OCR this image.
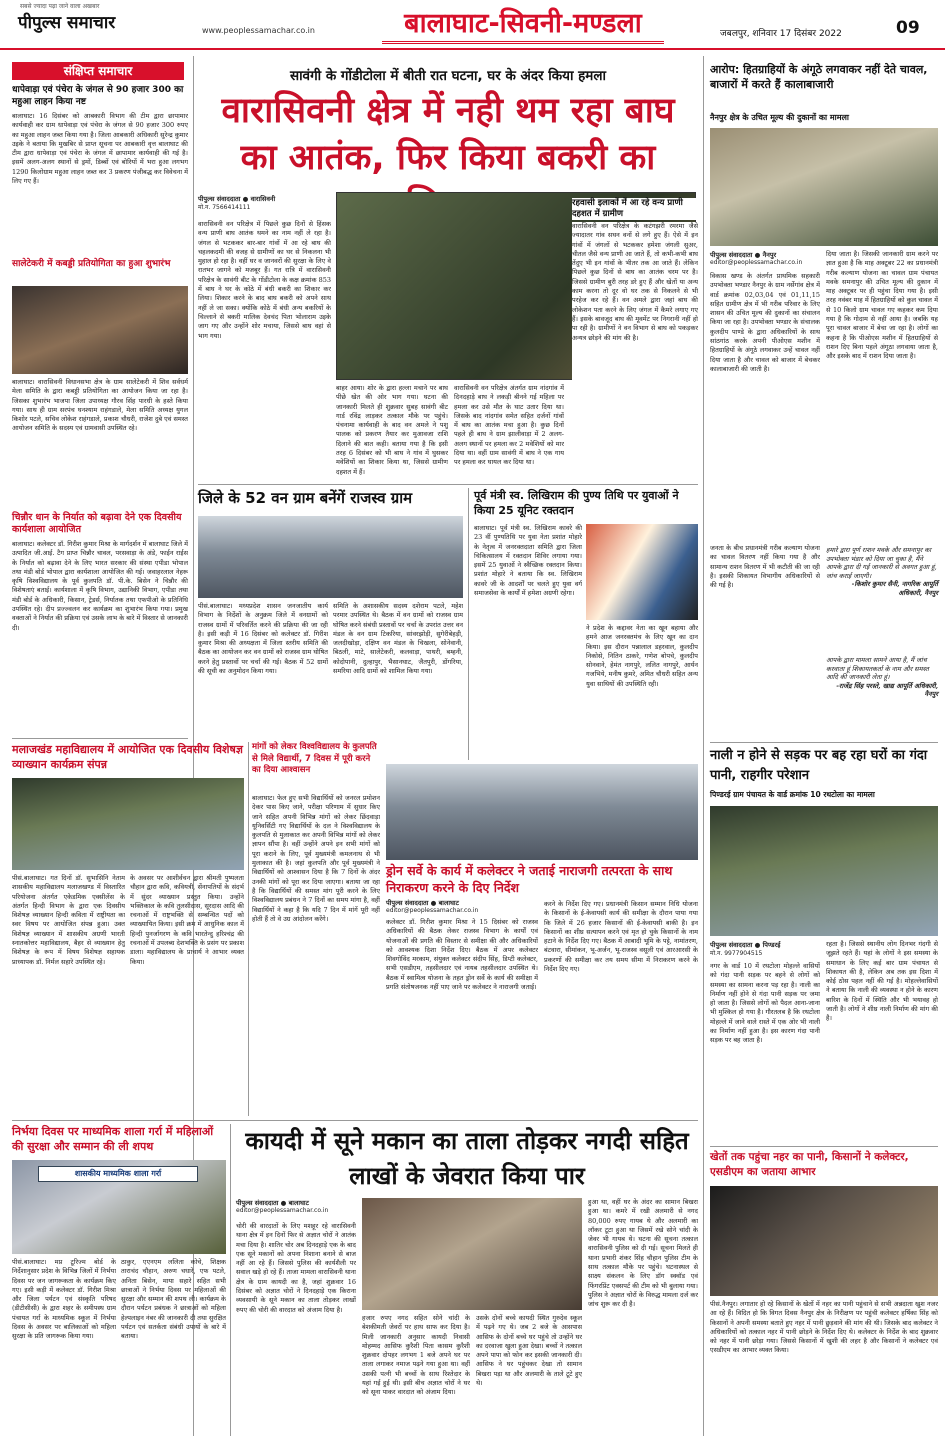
सबसे ज्यादा पढ़ा जाने वाला अखबार
पीपुल्स समाचार	www.peoplessamachar.co.in	बालाघाट-सिवनी-मण्डला	जबलपुर, शनिवार 17 दिसंबर 2022	09
संक्षिप्त समाचार
धापेवाड़ा एवं पंचेरा के जंगल से 90 हजार 300 का महुआ लाहन किया नष्ट
बालाघाट। 16 दिसंबर को आबकारी विभाग की टीम द्वारा छापामार कार्यवाही कर ग्राम धापेवाड़ा एवं पंचेरा के जंगल से 90 हजार 300 रुपए का महुआ लाहन जब्त किया गया है। जिला आबकारी अधिकारी सुरेन्द्र कुमार उइके ने बताया कि मुखबिर से प्राप्त सूचना पर आबकारी वृत्त बालाघाट की टीम द्वारा धापेवाड़ा एवं पंचेरा के जंगल में छापामार कार्यवाही की गई है। इसमें अलग-अलग स्थानों से ड्रमों, डिब्बों एवं बोरियों में भरा हुआ लगभग 1290 किलोग्राम महुआ लाहन जब्त कर 3 प्रकरण पंजीबद्ध कर विवेचना में लिए गए हैं।
सालेटेकरी में कबड्डी प्रतियोगिता का हुआ शुभारंभ
बालाघाट। वारासिवनी विधानसभा क्षेत्र के ग्राम सालेटेकरी में शिव सर्वधर्म मेला समिति के द्वारा कबड्डी प्रतियोगिता का आयोजन किया जा रहा है। जिसका शुभारंभ भाजपा जिला उपाध्यक्ष गौरव सिंह पारधी के हस्ते किया गया। साथ ही ग्राम सरपंच घनश्याम राहंगडाले, मेला समिति अध्यक्ष युगल किशोर पटले, सचिव लोकेश राहंगडाले, प्रकाश चौधरी, राजेश दुबे एवं समस्त आयोजन समिति के सदस्य एवं ग्रामवासी उपस्थित रहे।
चिन्नौर धान के निर्यात को बढ़ावा देने एक दिवसीय कार्यशाला आयोजित
बालाघाट। कलेक्टर डॉ. गिरीश कुमार मिश्रा के मार्गदर्शन में बालाघाट जिले में उत्पादित जी.आई. टैग प्राप्त चिन्नौर चावल, परसवाड़ा के अंडे, फाईन राईस के निर्यात को बढ़ावा देने के लिए भारत सरकार की संस्था एपीडा भोपाल तथा मंडी बोर्ड भोपाल द्वारा कार्यशाला आयोजित की गई। जवाहरलाल नेहरू कृषि विश्वविद्यालय के पूर्व कुलपति डॉ. पी.के. बिसेन ने चिन्नौर की विशेषताएं बताई। कार्यशाला में कृषि विभाग, उद्यानिकी विभाग, एपीडा तथा मंडी बोर्ड के अधिकारी, किसान, ट्रेडर्स, निर्यातक तथा एफपीओ के प्रतिनिधि उपस्थित रहे। दीप प्रज्ज्वलन कर कार्यक्रम का शुभारंभ किया गया। प्रमुख वक्ताओं ने निर्यात की प्रक्रिया एवं उसके लाभ के बारे में विस्तार से जानकारी दी।
सावंगी के गोंडीटोला में बीती रात घटना, घर के अंदर किया हमला
वारासिवनी क्षेत्र में नही थम रहा बाघ का आतंक, फिर किया बकरी का
पीपुल्स संवाददाता ● वारासिवनी
मो.न. 7566414111
वारासिवनी वन परिक्षेत्र में पिछले कुछ दिनों से हिंसक वन्य प्राणी बाघ आतंक थमने का नाम नहीं ले रहा है। जंगल से भटककर बार-बार गांवों में आ रहे बाघ की चहलकदमी की वजह से ग्रामीणों का घर से निकलना भी मुहाल हो रहा है। वहीं घर व जानवरों की सुरक्षा के लिए वे रातभर जागने को मजबूर हैं। गत रात्रि में वारासिवनी परिक्षेत्र के सावंगी बीट के गोंडीटोला के कक्ष क्रमांक 853 में बाघ ने घर के कोठे में बंधी बकरी का शिकार कर लिया। शिकार करने के बाद बाघ बकरी को अपने साथ नहीं ले जा सका। क्योंकि कोठे में बंधी अन्य बकरियों के चिल्लाने से बकरी मालिक देवचंद पिता भोलाराम उइके जाग गए और उन्होंने शोर मचाया, जिससे बाघ वहां से भाग गया।
बाहर आया। शोर के द्वारा हल्ला मचाने पर बाघ पीछे खेत की ओर भाग गया। घटना की जानकारी मिलते ही शुक्रवार सुबह सावंगी बीट गार्ड रविंद्र लाड़कर तत्काल मौके पर पहुंचे। पंचनामा कार्यवाही के बाद वन अमले ने पशु पालक को प्रकरण तैयार कर मुआवजा राशि दिलाने की बात कही। बताया गया है कि इसी तरह 6 दिसंबर को भी बाघ ने गांव में घुसकर मवेशियों का शिकार किया था, जिससे ग्रामीण दहशत में हैं।
वारासिवनी वन परिक्षेत्र अंतर्गत ग्राम नांदगांव में दिनदहाड़े बाघ ने लकड़ी बीनने गई महिला पर हमला कर उसे मौत के घाट उतार दिया था। जिसके बाद नांदगांव समेत सहित दर्जनों गांवों में बाघ का आतंक मचा हुआ है। कुछ दिनों पहले ही बाघ ने ग्राम झालीवाड़ा में 2 अलग-अलग स्थानों पर हमला कर 2 मवेशियों को मार दिया था। वहीं ग्राम सावंगी में बाघ ने एक गाय पर हमला कर घायल कर दिया था।
रहवासी इलाकों में आ रहे वन्य प्राणी दहशत में ग्रामीण
वारासिवनी वन परिक्षेत्र के कटंगझरी रमरमा जैसे ज्यादातर गांव सघन वनों से लगे हुए हैं। ऐसे में इन गांवों में जंगलों से भटककर हमेशा जंगली सुअर, चीतल जैसे वन्य प्राणी आ जाते हैं, तो कभी-कभी बाघ तेंदुए भी इन गांवों के भीतर तक आ जाते हैं। लेकिन पिछले कुछ दिनों से बाघ का आतंक चरम पर है। जिससे ग्रामीण बुरी तरह डरे हुए हैं और खेतों या अन्य काम करना तो दूर वो घर तक से निकलने से भी परहेज कर रहे हैं। वन अमले द्वारा जहां बाघ की लोकेशन पता करने के लिए जंगल में कैमरे लगाए गए हैं। इसके बावजूद बाघ की मूवमेंट पर निगरानी नहीं हो पा रही है। ग्रामीणों ने वन विभाग से बाघ को पकड़कर अन्यत्र छोड़ने की मांग की है।
जिले के 52 वन ग्राम बनेंगें राजस्व ग्राम
पीसं.बालाघाट। मध्यप्रदेश शासन जनजातीय कार्य विभाग के निर्देशों के अनुक्रम जिले में वनग्रामों को राजस्व ग्रामों में परिवर्तित करने की प्रक्रिया की जा रही है। इसी कड़ी में 16 दिसंबर को कलेक्टर डॉ. गिरीश कुमार मिश्रा की अध्यक्षता में जिला स्तरीय समिति की बैठक का आयोजन कर वन ग्रामों को राजस्व ग्राम घोषित करने हेतु प्रस्तावों पर चर्चा की गई। बैठक में 52 ग्रामों की सूची का अनुमोदन किया गया।
समिति के अशासकीय सदस्य दशेराम पटले, महेश परमार उपस्थित थे। बैठक में वन ग्रामों को राजस्व ग्राम घोषित करने संबंधी प्रस्तावों पर चर्चा के उपरांत उत्तर वन मंडल के वन ग्राम टिकरिया, सांवरझोड़ी, सुगेरीबेहड़ी, जलदीखोड़ा, दक्षिण वन मंडल के चिखला, सोनेवानी, बिठली, माटे, सालेटेकरी, कलवाड़ा, पाथरी, बम्हनी, कोदोपानी, दुल्हापुर, भैसानघाट, जैतपुरी, डोंगरिया, समरिया आदि ग्रामों को शामिल किया गया।
पूर्व मंत्री स्व. लिखिराम की पुण्य तिथि पर युवाओं ने किया 25 यूनिट रक्तदान
बालाघाट। पूर्व मंत्री स्व. लिखिराम कावरे की 23 वीं पुण्यतिथि पर युवा नेता प्रशांत मोहारे के नेतृत्व में जनरक्तदाता समिति द्वारा जिला चिकित्सालय में रक्तदान शिविर लगाया गया। इसमें 25 युवाओं ने स्वैच्छिक रक्तदान किया। प्रशांत मोहारे ने बताया कि स्व. लिखिराम कावरे जी के आदर्शों पर चलते हुए युवा वर्ग समाजसेवा के कार्यों में हमेशा अग्रणी रहेगा।
ने प्रदेश के कद्दावर नेता का खून बहाया और हमने आज जनरक्तमंच के लिए खून का दान किया। इस दौरान पन्नालाल डहरवाल, कुलदीप निकोसे, नितिन ठाकरे, गणेश बोपचे, कुलदीप सोनवाने, हेमंत नागपुरे, ललित नागपुरे, आर्यन गजभिये, मनीष कुमरे, अमित चौधरी सहित अन्य युवा साथियों की उपस्थिति रही।
मलाजखंड महाविद्यालय में आयोजित एक दिवसीय विशेषज्ञ व्याख्यान कार्यक्रम संपन्न
पीसं.बालाघाट। गत दिनों डॉ. सुभासिनि नेताम शासकीय महाविद्यालय मलाजखण्ड में विस्तारित परियोजना अंतर्गत एकेडमिक एक्सीलेंस के अंतर्गत हिन्दी विभाग के द्वारा एक दिवसीय विशेषज्ञ व्याख्यान हिन्दी कविता में राष्ट्रीयता का स्वर विषय पर आयोजित संपन्न हुआ। उक्त विशेषज्ञ व्याख्यान में शासकीय अग्रणी भारती स्नातकोत्तर महाविद्यालय, बैहर से व्याख्यान हेतु विशेषज्ञ के रूप में विषय विशेषज्ञ सहायक प्राध्यापक डॉ. निर्मल सहारे उपस्थित रहे।
के अवसर पर आशीर्वचन द्वारा श्रीमती पुष्पलता चौहान द्वारा कवि, कवियत्री, सेंनापतियों के संदर्भ में सुंदर व्याख्यान प्रस्तुत किया। उन्होंने भक्तिकाल के कवि तुलसीदास, सूरदास आदि की रचनाओं में राष्ट्रभक्ति से सम्बन्धित पदों को व्याख्यायित किया। इसी क्रम में आधुनिक काल में हिन्दी पुनर्जागरण के कवि भारतेन्दु हरिश्चंद्र की रचनाओं में उपलब्ध देशभक्ति के प्रसंग पर प्रकाश डाला। महाविद्यालय के प्राचार्य ने आभार व्यक्त किया।
मांगों को लेकर विश्वविद्यालय के कुलपति से मिले विद्यार्थी, 7 दिवस में पूरी करने का दिया आश्वासन
बालाघाट। फेल हुए सभी विद्यार्थियों को जनरल प्रमोशन देकर पास किए जाने, परीक्षा परिणाम में सुधार किए जाने सहित अपनी विभिन्न मांगों को लेकर छिंदवाड़ा यूनिवर्सिटी गए विद्यार्थियों के दल ने विश्वविद्यालय के कुलपति से मुलाकात कर अपनी विभिन्न मांगों को लेकर ज्ञापन सौंपा है। वहीं उन्होंने अपने इन सभी मांगों को पूरा कराने के लिए, पूर्व मुख्यमंत्री कमलनाथ से भी मुलाकात की है। जहां कुलपति और पूर्व मुख्यमंत्री ने विद्यार्थियों को आश्वासन दिया है कि 7 दिनों के अंदर उनकी मांगों को पूरा कर दिया जाएगा। बताया जा रहा है कि विद्यार्थियों की समस्त मांग पूरी करने के लिए विश्वविद्यालय प्रबंधन ने 7 दिनों का समय मांगा है, वहीं विद्यार्थियों ने कहा है कि यदि 7 दिन में मांगें पूरी नहीं होती हैं तो वे उग्र आंदोलन करेंगे।
ड्रोन सर्वे के कार्य में कलेक्टर ने जताई नाराजगी तत्परता के साथ निराकरण करने के दिए निर्देश
पीपुल्स संवाददाता ● बालाघाट
editor@peoplessamachar.co.in
कलेक्टर डॉ. गिरीश कुमार मिश्रा ने 15 दिसंबर को राजस्व अधिकारियों की बैठक लेकर राजस्व विभाग के कार्यों एवं योजनाओं की प्रगति की विस्तार से समीक्षा की और अधिकारियों को आवश्यक दिशा निर्देश दिए। बैठक में अपर कलेक्टर शिवगोविंद मरकाम, संयुक्त कलेक्टर संदीप सिंह, डिप्टी कलेक्टर, सभी एसडीएम, तहसीलदार एवं नायब तहसीलदार उपस्थित थे। बैठक में स्वामित्व योजना के तहत ड्रोन सर्वे के कार्य की समीक्षा में प्रगति संतोषजनक नहीं पाए जाने पर कलेक्टर ने नाराजगी जताई।
करने के निर्देश दिए गए। प्रधानमंत्री किसान सम्मान निधि योजना के किसानों के ई-केवायसी कार्य की समीक्षा के दौरान पाया गया कि जिले में 26 हजार किसानों की ई-केवायसी बाकी है। इन किसानों का शीघ्र सत्यापन करने एवं मृत हो चुके किसानों के नाम हटाने के निर्देश दिए गए। बैठक में आबादी भूमि के पट्टे, नामांतरण, बंटवारा, सीमांकन, भू-अर्जन, भू-राजस्व वसूली एवं आरआरसी के प्रकरणों की समीक्षा कर तय समय सीमा में निराकरण करने के निर्देश दिए गए।
कायदी में सूने मकान का ताला तोड़कर नगदी सहित लाखों के जेवरात किया पार
पीपुल्स संवाददाता ● बालाघाट
editor@peoplessamachar.co.in
चोरी की वारदातों के लिए मशहूर रहे वारासिवनी थाना क्षेत्र में इन दिनों फिर से अज्ञात चोरों ने आतंक मचा दिया है। शातिर चोर अब दिनदहाड़े एक के बाद एक सूने मकानों को अपना निशाना बनाने से बाज नहीं आ रहे हैं। जिससे पुलिस की कार्यशैली पर सवाल खड़े हो रहे हैं। ताजा मामला वारासिवनी थाना क्षेत्र के ग्राम कायदी का है, जहां शुक्रवार 16 दिसंबर को अज्ञात चोरों ने दिनदहाड़े एक किराना व्यवसायी के सूने मकान का ताला तोड़कर लाखों रुपए की चोरी की वारदात को अंजाम दिया है।
हजार रुपए नगद सहित सोने चांदी के बेशकीमती जेवरों पर हाथ साफ कर दिया है। मिली जानकारी अनुसार कायदी निवासी मोहम्मद आसिफ कुरैशी पिता कासम कुरैशी शुक्रवार दोपहर लगभग 1 बजे अपने घर पर ताला लगाकर नमाज पढ़ने गया हुआ था। वहीं उसकी पत्नी भी बच्चों के साथ रिश्तेदार के यहां गई हुई थी। इसी बीच अज्ञात चोरों ने घर को सूना पाकर वारदात को अंजाम दिया।
उसके दोनों बच्चे कायदी स्थित गुरुदेव स्कूल में पढ़ने गए थे। जब 2 बजे के आसपास आसिफ के दोनों बच्चे घर पहुंचे तो उन्होंने घर का दरवाजा खुला हुआ देखा। बच्चों ने तत्काल अपने पापा को फोन कर इसकी जानकारी दी। आसिफ ने घर पहुंचकर देखा तो सामान बिखरा पड़ा था और अलमारी के ताले टूटे हुए थे।
हुआ था, वहीं घर के अंदर का सामान बिखरा हुआ था। कमरे में रखी अलमारी से नगद 80,000 रुपए गायब थे और अलमारी का लॉकर टूटा हुआ था जिसमें रखे सोने चांदी के जेवर भी गायब थे। घटना की सूचना तत्काल वारासिवनी पुलिस को दी गई। सूचना मिलते ही थाना प्रभारी शंकर सिंह चौहान पुलिस टीम के साथ तत्काल मौके पर पहुंचे। घटनास्थल से साक्ष्य संकलन के लिए डॉग स्क्वॉड एवं फिंगरप्रिंट एक्सपर्ट की टीम को भी बुलाया गया। पुलिस ने अज्ञात चोरों के विरुद्ध मामला दर्ज कर जांच शुरू कर दी है।
निर्भया दिवस पर माध्यमिक शाला गर्रा में महिलाओं की सुरक्षा और सम्मान की ली शपथ
शासकीय माध्यमिक शाला गर्रा
पीसं.बालाघाट। मप्र टूरिज्म बोर्ड के निर्देशानुसार प्रदेश के विभिन्न जिलों में निर्भया दिवस पर जन जागरूकता के कार्यक्रम किए गए। इसी कड़ी में कलेक्टर डॉ. गिरीश मिश्रा और जिला पर्यटन एवं संस्कृति परिषद (डीटीसीसी) के द्वारा शहर के समीपस्थ ग्राम पंचायत गर्रा के माध्यमिक स्कूल में निर्भया दिवस के अवसर पर बालिकाओं को महिला सुरक्षा के प्रति जागरूक किया गया।
ठाकुर, एएनएम ललिता कोचे, शिक्षक ताराचंद चौहान, अरुण चधारे, एफ पटले, अनिता बिसेन, माया सहारे सहित सभी छात्राओं ने निर्भया दिवस पर महिलाओं की सुरक्षा और सम्मान की शपथ ली। कार्यक्रम के दौरान पर्यटन प्रबंधक ने छात्राओं को महिला हेल्पलाइन नंबर की जानकारी दी तथा सुरक्षित पर्यटन एवं सतर्कता संबंधी उपायों के बारे में बताया।
आरोप: हितग्राहियों के अंगूठे लगवाकर नहीं देते चावल, बाजारों में करते हैं कालाबाजारी
नैनपुर क्षेत्र के उचित मूल्य की दुकानों का मामला
पीपुल्स संवाददाता ● नैनपुर
editor@peoplessamachar.co.in
विकास खण्ड के अंतर्गत प्राथमिक सहकारी उपभोक्ता भण्डार नैनपुर के ग्राम नर्सेगांव क्षेत्र में वार्ड क्रमांक 02,03,04 एवं 01,11,15 सहित ग्रामीण क्षेत्र में भी गरीब परिवार के लिए शासन की उचित मूल्य की दुकानों का संचालन किया जा रहा है। उपभोक्ता भण्डार के संचालक कुलदीप पाण्डे के द्वारा अधिकारियों के साथ सांठगांठ करके अपनी पीओएस मशीन में हितग्राहियों के अंगूठे लगवाकर उन्हें चावल नहीं दिया जाता है और चावल को बाजार में बेचकर कालाबाजारी की जाती है।
दिया जाता है। जिसकी जानकारी ग्राम करने पर ज्ञात हुआ है कि माह अक्टूबर 22 का प्रधानमंत्री गरीब कल्याण योजना का चावल ग्राम पंचायत मवके समनापुर की उचित मूल्य की दुकान में माह अक्टूबर पर ही पहुंचा दिया गया है। इसी तरह नवंबर माह में हितग्राहियों को कुल चावल में से 10 किलो ग्राम चावल गए कहकर कम दिया गया है कि गोदाम से नहीं आया है। जबकि यह पूरा चावल बाजार में बेचा जा रहा है। लोगों का कहना है कि पीओएस मशीन में हितग्राहियों से राशन दिए बिना पहले अंगूठा लगवाया जाता है, और इसके बाद में राशन दिया जाता है।
जनता के बीच प्रधानमंत्री गरीब कल्याण योजना का चावल वितरण नहीं किया गया है और सामान्य राशन वितरण में भी कटौती की जा रही है। इसकी शिकायत विभागीय अधिकारियों से की गई है।
हमारे द्वारा पूर्ण राशन मवके और समनापुर का उपभोक्ता भंडार को दिया जा चुका है, मैंने आपके द्वारा दी गई जानकारी से अवगत हुआ हूं, जांच कराई जाएगी।
-किशोर कुमार सैनी, नागरिक आपूर्ति अधिकारी, नैनपुर
आपके द्वारा मामला सामने आया है, मैं जांच करवाता हूं शिकायतकर्ता के नाम और समस्त आदि की जानकारी लेता हूं।
-राजेंद्र सिंह परस्ते, खाद्य आपूर्ति अधिकारी, नैनपुर
नाली न होने से सड़क पर बह रहा घरों का गंदा पानी, राहगीर परेशान
पिण्डरई ग्राम पंचायत के वार्ड क्रमांक 10 रथटोला का मामला
पीपुल्स संवाददाता ● पिण्डरई
मो.न. 9977904515
नगर के वार्ड 10 में रथटोला मोहल्ले वासियों को गंदा पानी सड़क पर बहने से लोगों को समस्या का सामना करना पड़ रहा है। नाली का निर्माण नहीं होने से गंदा पानी सड़क पर जमा हो जाता है। जिससे लोगों को पैदल आना-जाना भी मुश्किल हो गया है। गौरतलब है कि रथटोला मोहल्ले में जाने वाले रास्ते में एक ओर भी नाली का निर्माण नहीं हुआ है। इस कारण गंदा पानी सड़क पर बह जाता है।
रहता है। जिससे स्थानीय लोग दिनभर गंदगी से जूझते रहते हैं। यहां के लोगों ने इस समस्या के समाधान के लिए कई बार ग्राम पंचायत से शिकायत की है, लेकिन अब तक इस दिशा में कोई ठोस पहल नहीं की गई है। मोहल्लेवासियों ने बताया कि नाली की व्यवस्था न होने के कारण बारिश के दिनों में स्थिति और भी भयावह हो जाती है। लोगों ने शीघ्र नाली निर्माण की मांग की है।
खेतों तक पहुंचा नहर का पानी, किसानों ने कलेक्टर, एसडीएम का जताया आभार
पीसं.नैनपुर। लगातार हो रहे किसानों के खेतों में नहर का पानी पहुंचाने से सभी अन्नदाता खुश नजर आ रहे हैं। विदित हो कि विगत दिवस नैनपुर क्षेत्र के निरीक्षण पर पहुंची कलेक्टर हर्षिका सिंह को किसानों ने अपनी समस्या बताते हुए नहर में पानी छुड़वाने की मांग की थी। जिसके बाद कलेक्टर ने अधिकारियों को तत्काल नहर में पानी छोड़ने के निर्देश दिए थे। कलेक्टर के निर्देश के बाद शुक्रवार को नहर में पानी छोड़ा गया। जिससे किसानों में खुशी की लहर है और किसानों ने कलेक्टर एवं एसडीएम का आभार व्यक्त किया।
